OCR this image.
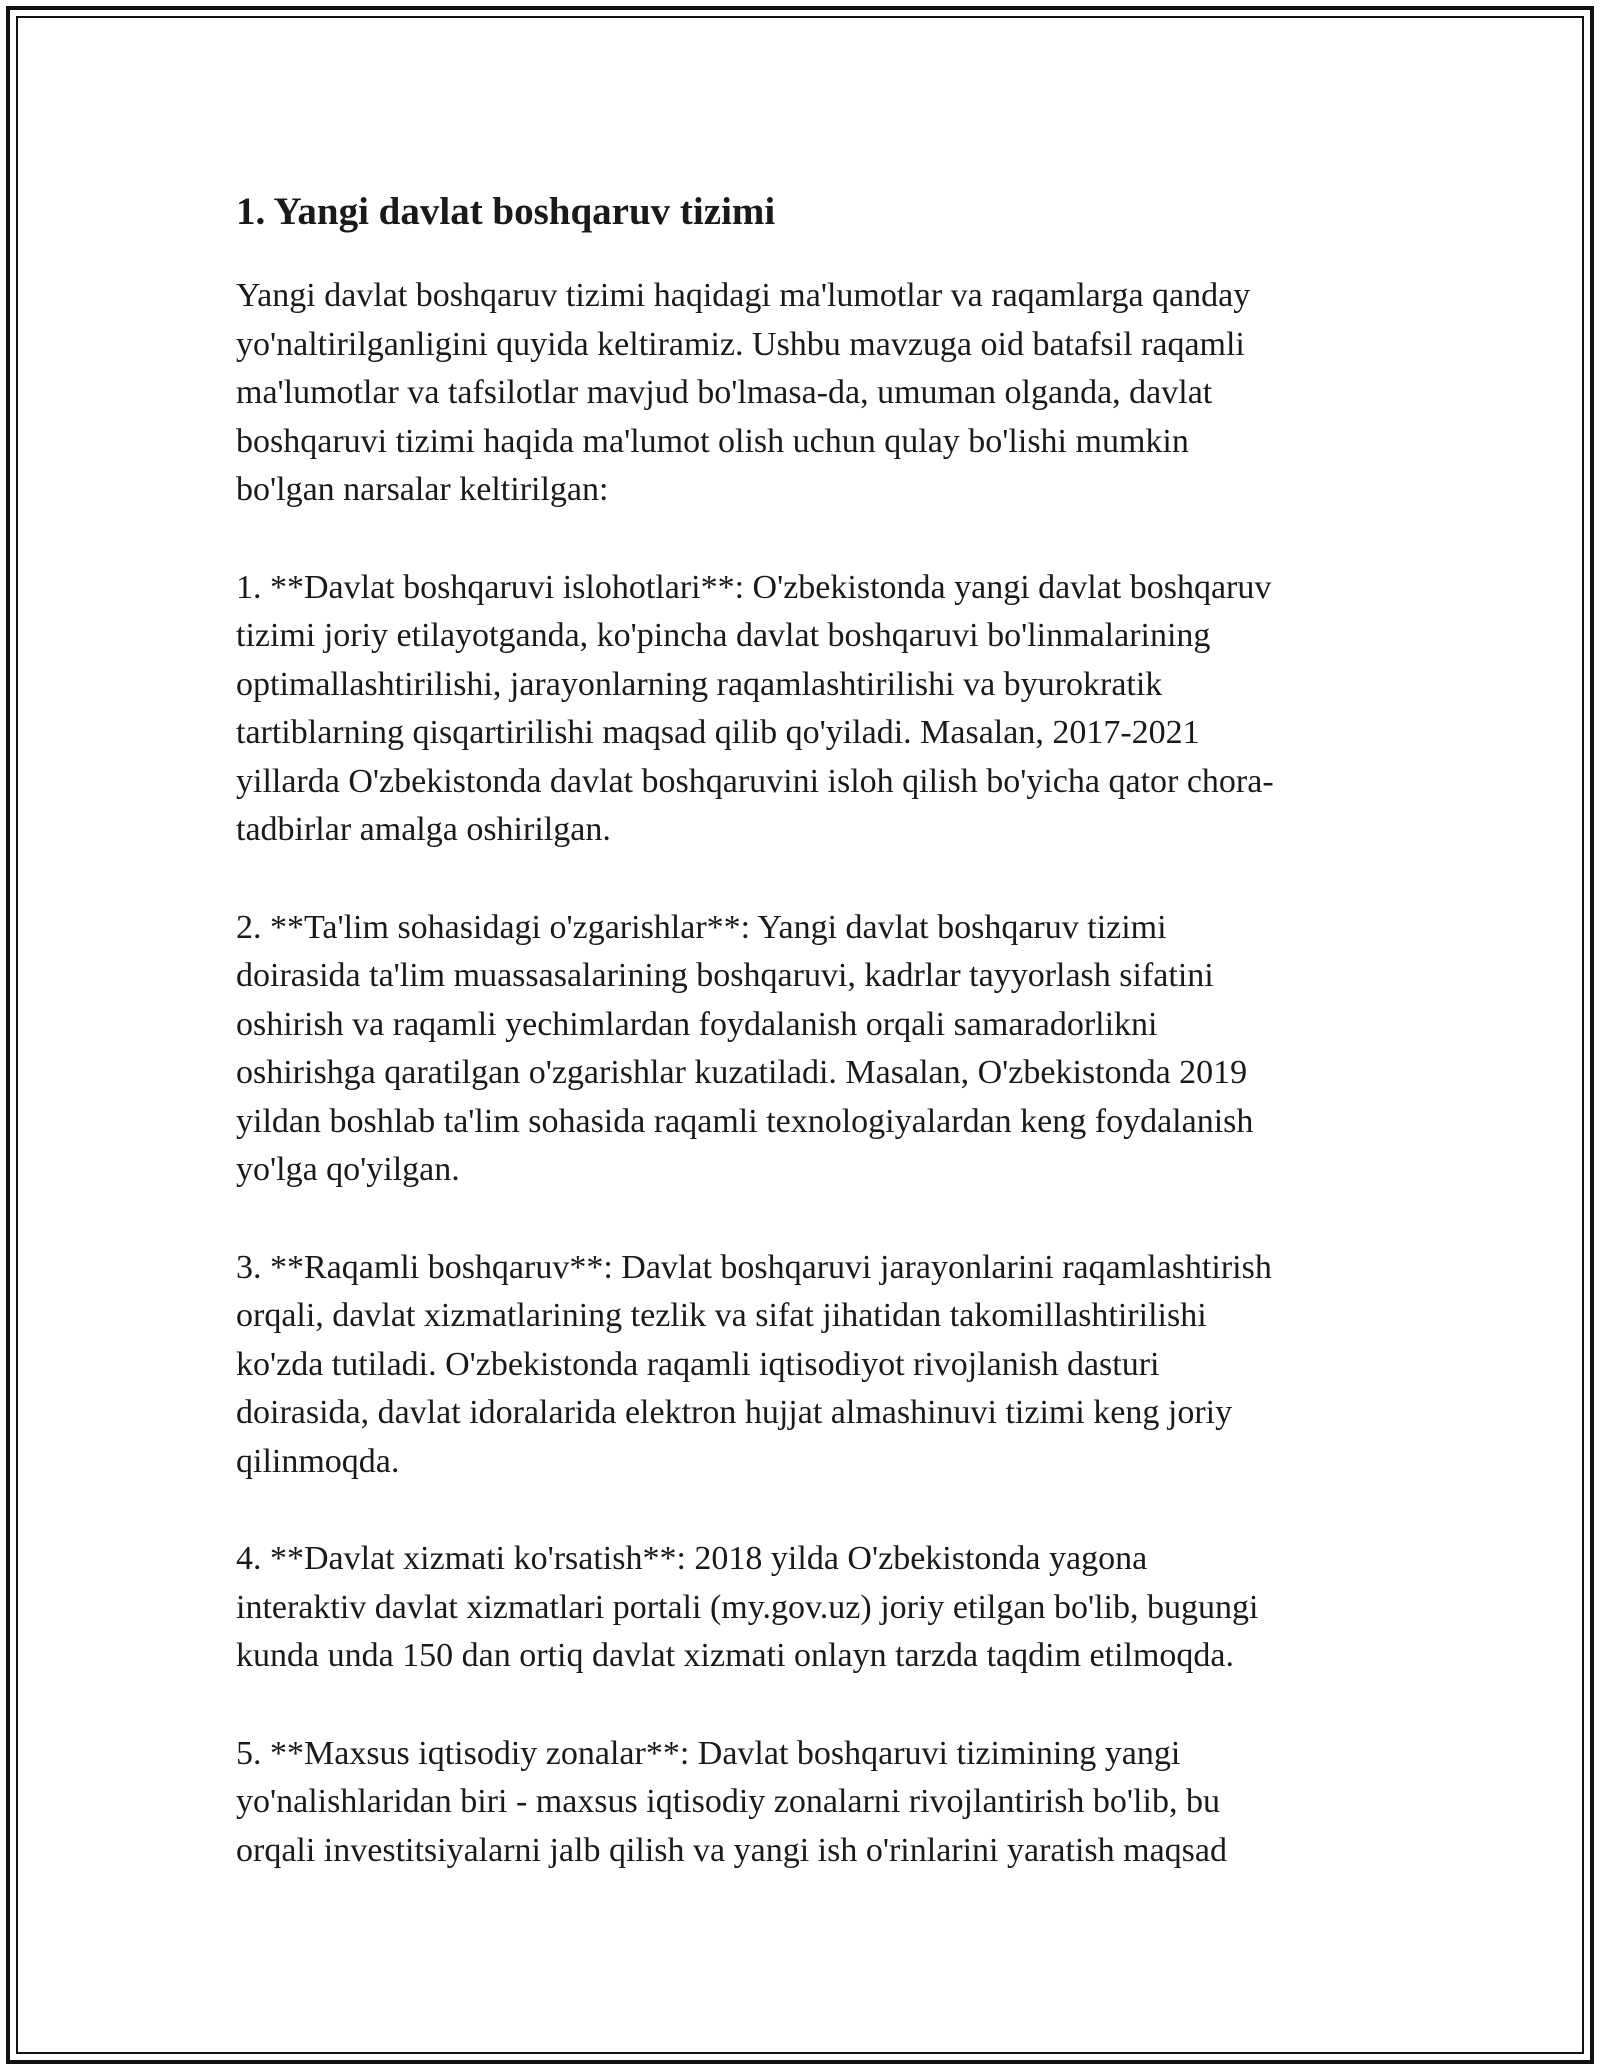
1. Yangi davlat boshqaruv tizimi

Yangi davlat boshqaruv tizimi haqidagi ma'lumotlar va raqamlarga qanday
yo'naltirilganligini quyida keltiramiz. Ushbu mavzuga oid batafsil raqamli
ma'lumotlar va tafsilotlar mavjud bo'lmasa-da, umuman olganda, davlat
boshqaruvi tizimi haqida ma'lumot olish uchun qulay bo'lishi mumkin
bo'lgan narsalar keltirilgan:

1. **Davlat boshqaruvi islohotlari**: O'zbekistonda yangi davlat boshqaruv
tizimi joriy etilayotganda, ko'pincha davlat boshqaruvi bo'linmalarining
optimallashtirilishi, jarayonlarning raqamlashtirilishi va byurokratik
tartiblarning qisqartirilishi maqsad qilib qo'yiladi. Masalan, 2017-2021
yillarda O'zbekistonda davlat boshqaruvini isloh qilish bo'yicha qator chora-
tadbirlar amalga oshirilgan.

2. **Ta'lim sohasidagi o'zgarishlar**: Yangi davlat boshqaruv tizimi
doirasida ta'lim muassasalarining boshqaruvi, kadrlar tayyorlash sifatini
oshirish va raqamli yechimlardan foydalanish orqali samaradorlikni
oshirishga qaratilgan o'zgarishlar kuzatiladi. Masalan, O'zbekistonda 2019
yildan boshlab ta'lim sohasida raqamli texnologiyalardan keng foydalanish
yo'lga qo'yilgan.

3. **Raqamli boshqaruv**: Davlat boshqaruvi jarayonlarini raqamlashtirish
orqali, davlat xizmatlarining tezlik va sifat jihatidan takomillashtirilishi
ko'zda tutiladi. O'zbekistonda raqamli iqtisodiyot rivojlanish dasturi
doirasida, davlat idoralarida elektron hujjat almashinuvi tizimi keng joriy
qilinmoqda.

4. **Davlat xizmati ko'rsatish**: 2018 yilda O'zbekistonda yagona
interaktiv davlat xizmatlari portali (my.gov.uz) joriy etilgan bo'lib, bugungi
kunda unda 150 dan ortiq davlat xizmati onlayn tarzda taqdim etilmoqda.

5. **Maxsus iqtisodiy zonalar**: Davlat boshqaruvi tizimining yangi
yo'nalishlaridan biri - maxsus iqtisodiy zonalarni rivojlantirish bo'lib, bu
orqali investitsiyalarni jalb qilish va yangi ish o'rinlarini yaratish maqsad
